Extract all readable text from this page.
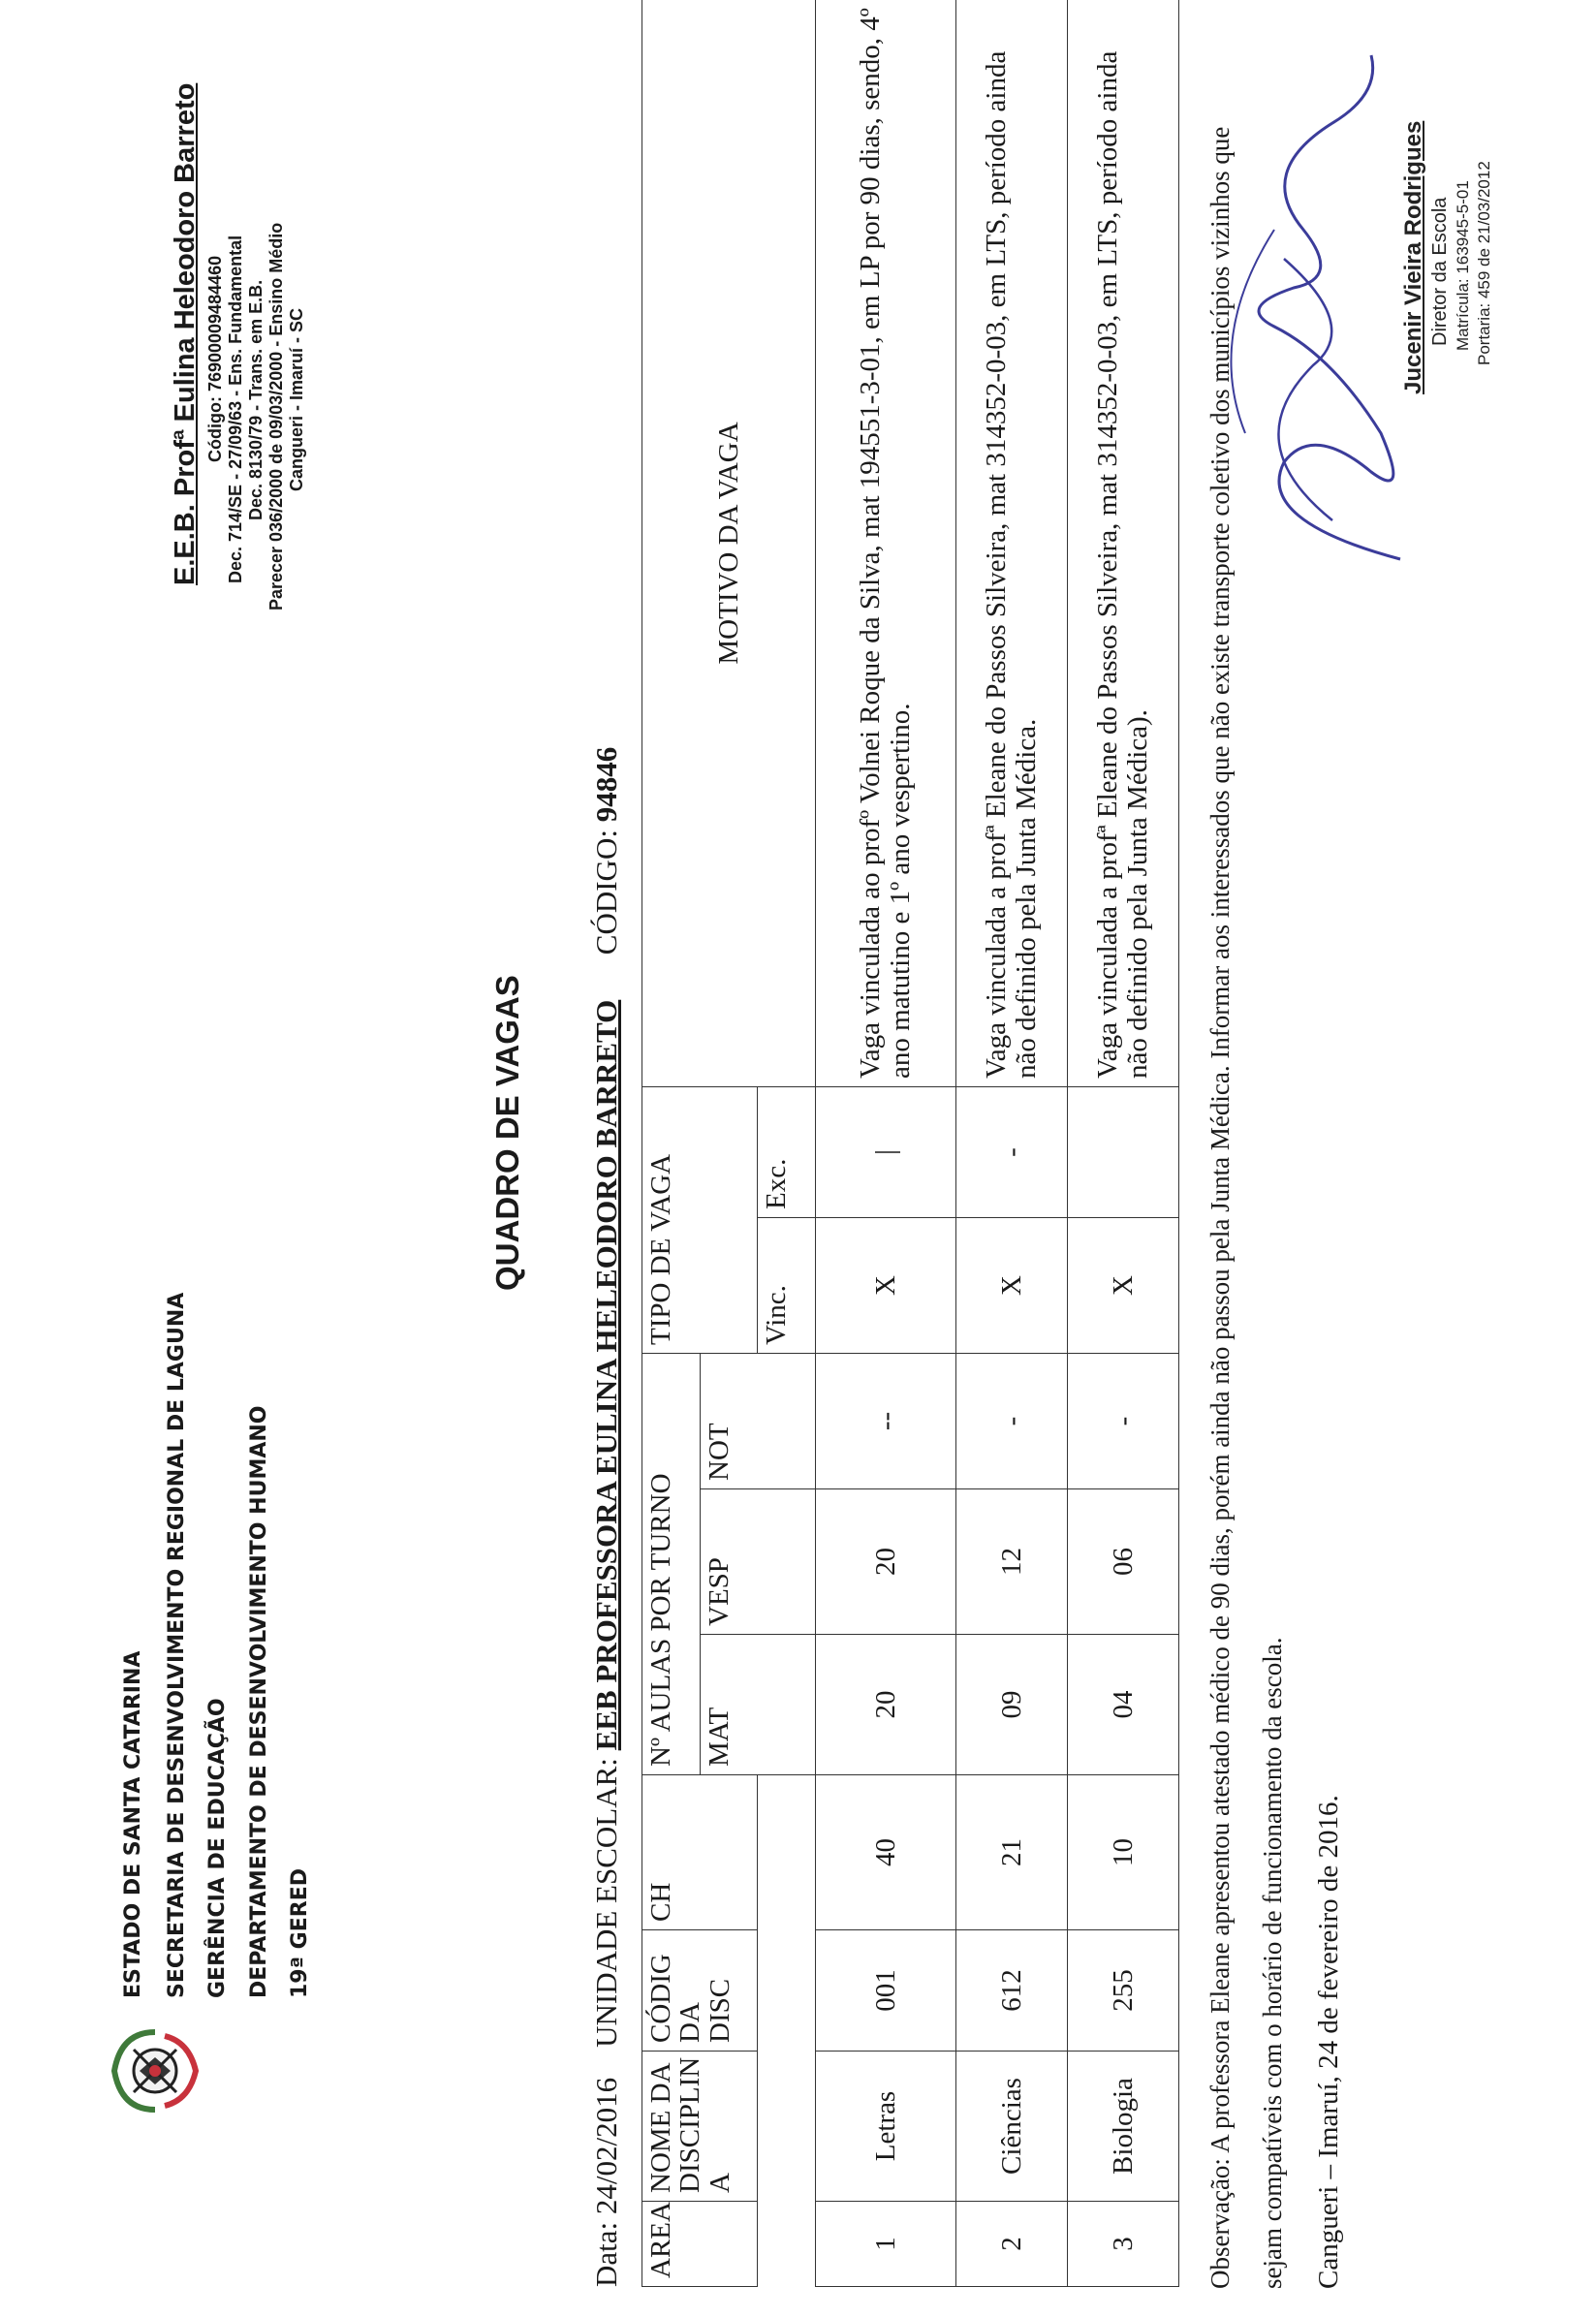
ESTADO DE SANTA CATARINA SECRETARIA DE DESENVOLVIMENTO REGIONAL DE LAGUNA GERÊNCIA DE EDUCAÇÃO DEPARTAMENTO DE DESENVOLVIMENTO HUMANO 19ª GERED
E.E.B. Profª Eulina Heleodoro Barreto Código: 76900009484460 Dec. 714/SE - 27/09/63 - Ens. Fundamental Dec. 8130/79 - Trans. em E.B. Parecer 036/2000 de 09/03/2000 - Ensino Médio Cangueri - Imaruí - SC
QUADRO DE VAGAS
Data: 24/02/2016    UNIDADE ESCOLAR: EEB PROFESSORA EULINA HELEODORO BARRETO      CÓDIGO: 94846
AREA	NOME DA DISCIPLIN A	CÓDIG DA DISC	CH	Nº AULAS POR TURNO			TIPO DE VAGA		MOTIVO DA VAGA
				MAT	VESP	NOT			
							Vinc.	Exc.	
1	Letras	001	40	20	20	--	X	|	Vaga vinculada ao profº Volnei Roque da Silva, mat 194551-3-01, em LP por 90 dias, sendo, 4º ano matutino e 1º ano vespertino.
2	Ciências	612	21	09	12	-	X	-	Vaga vinculada a profª Eleane do Passos Silveira, mat 314352-0-03, em LTS, período ainda não definido pela Junta Médica.
3	Biologia	255	10	04	06	-	X		Vaga vinculada a profª Eleane do Passos Silveira, mat 314352-0-03, em LTS, período ainda não definido pela Junta Médica).	Observação: A professora Eleane apresentou atestado médico de 90 dias, porém ainda não passou pela Junta Médica. Informar aos interessados que não existe transporte coletivo dos municípios vizinhos que sejam compatíveis com o horário de funcionamento da escola. Cangueri – Imaruí, 24 de fevereiro de 2016.
Jucenir Vieira Rodrigues Diretor da Escola Matrícula: 163945-5-01 Portaria: 459 de 21/03/2012
